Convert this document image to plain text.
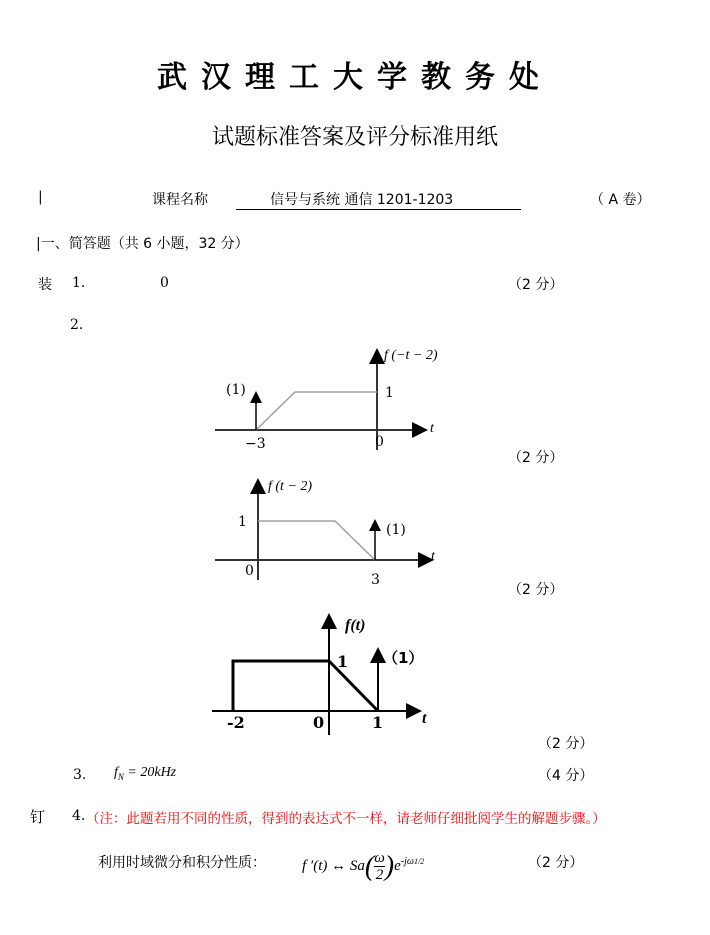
武汉理工大学教务处
试题标准答案及评分标准用纸
|	课程名称	信号与系统 通信 1201-1203	（ A 卷）
|一、简答题（共 6 小题，32 分）
装 1.	0	（2 分）
2.
f (−t − 2)
(1)	1
−3	0
t
（2 分）
f (t − 2)
1	(1)
0
3
t
（2 分）
f(t)
1 （1）
-2	0	1 t
（2 分）
3. $f_N = 20kHz$	（4 分）
钉 4. （注：此题若用不同的性质，得到的表达式不一样，请老师仔细批阅学生的解题步骤。）
利用时域微分和积分性质： f ′(t) ↔ $Sa( \frac{\omega}{2} )e^{-j\omega 1/2}$	（2 分）
